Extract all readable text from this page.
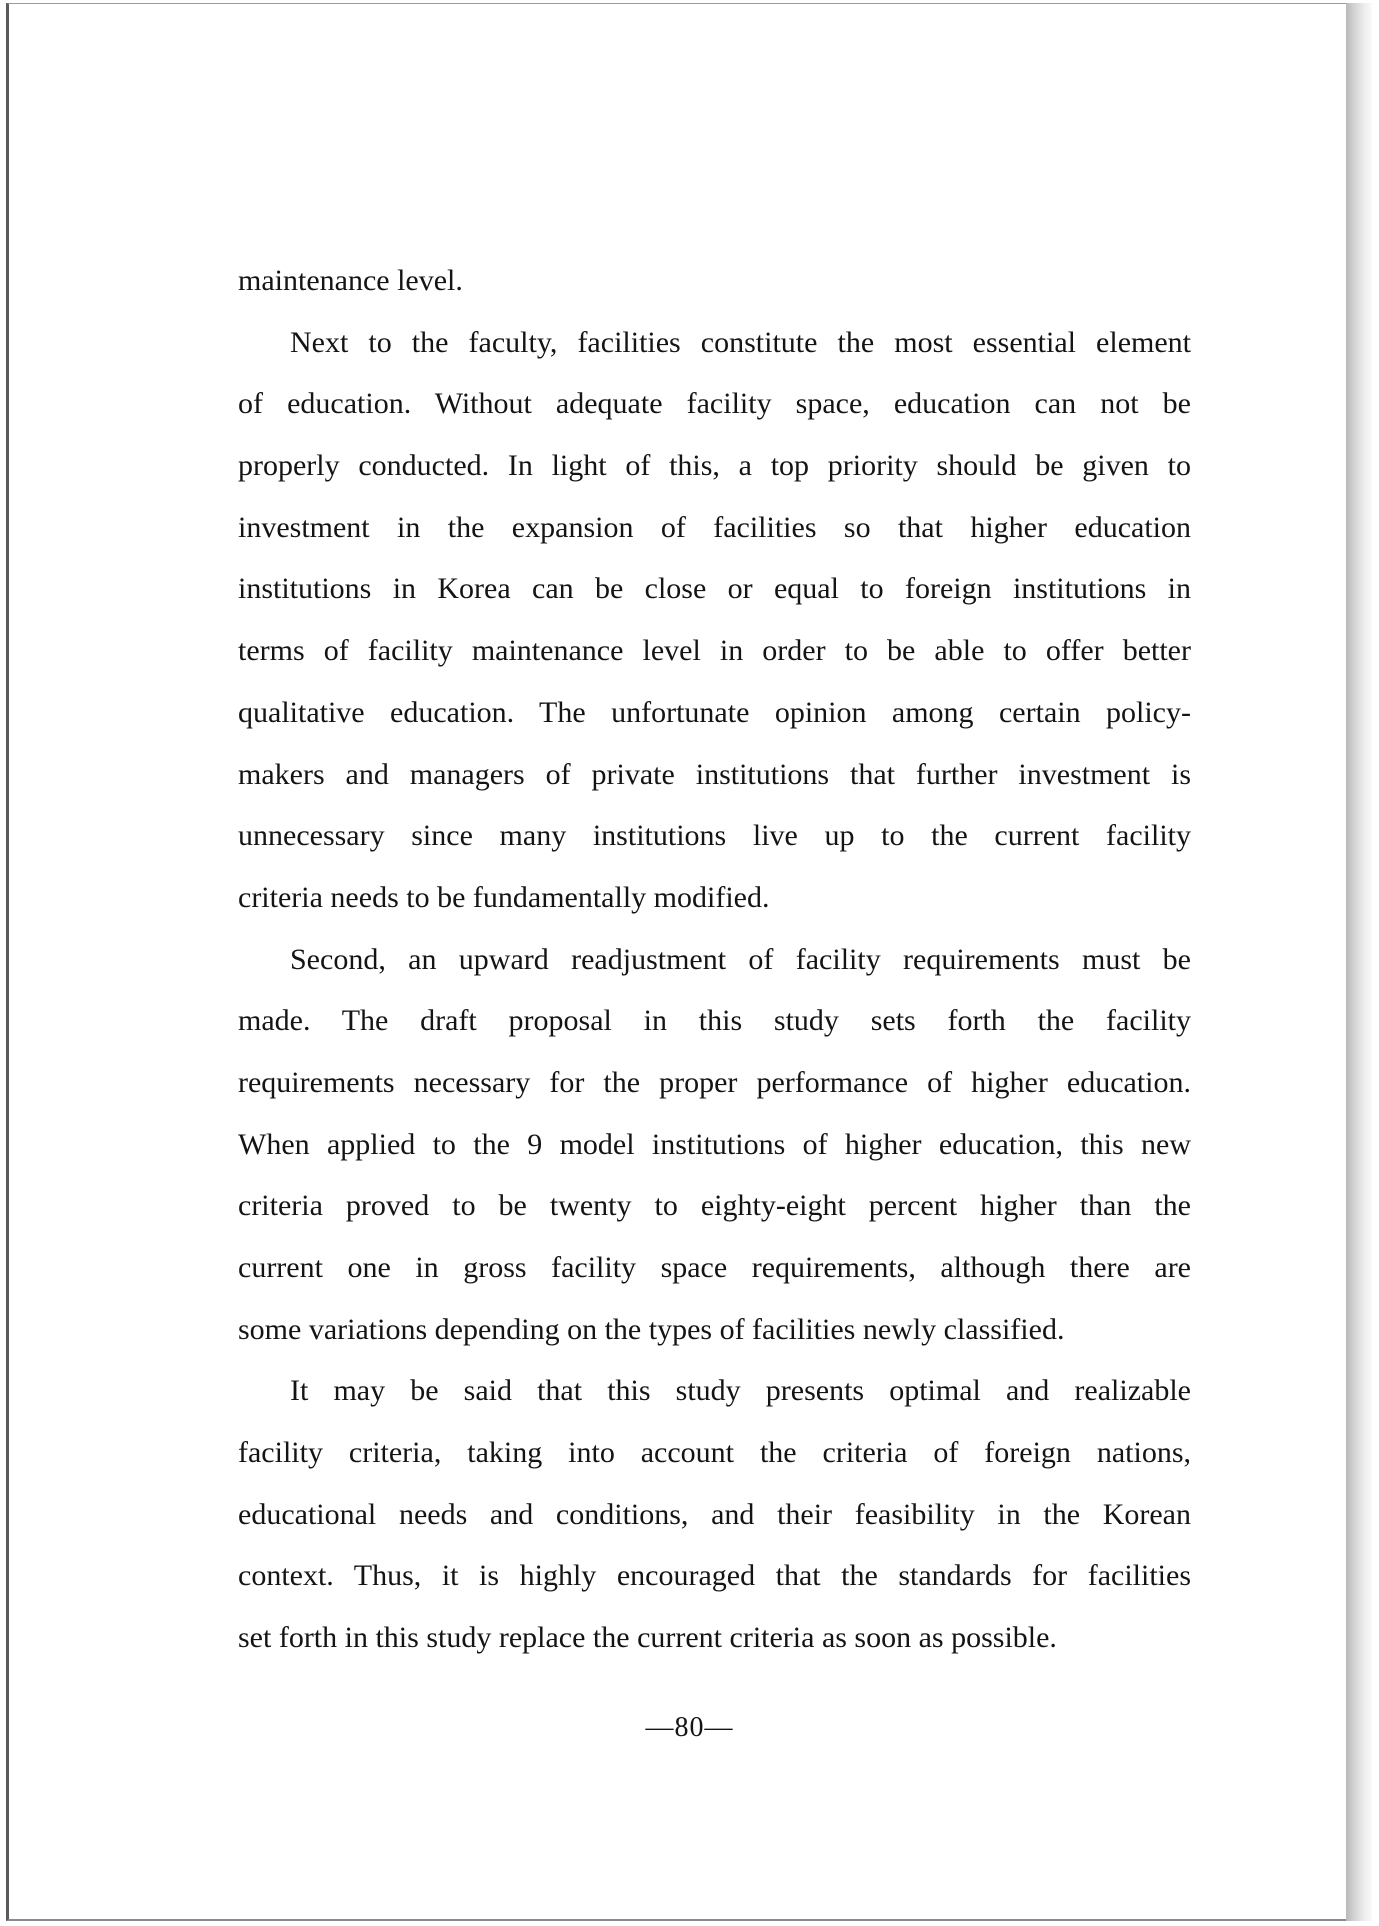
maintenance level.
Next to the faculty, facilities constitute the most essential element
of education. Without adequate facility space, education can not be
properly conducted. In light of this, a top priority should be given to
investment in the expansion of facilities so that higher education
institutions in Korea can be close or equal to foreign institutions in
terms of facility maintenance level in order to be able to offer better
qualitative education. The unfortunate opinion among certain policy-
makers and managers of private institutions that further investment is
unnecessary since many institutions live up to the current facility
criteria needs to be fundamentally modified.
Second, an upward readjustment of facility requirements must be
made. The draft proposal in this study sets forth the facility
requirements necessary for the proper performance of higher education.
When applied to the 9 model institutions of higher education, this new
criteria proved to be twenty to eighty-eight percent higher than the
current one in gross facility space requirements, although there are
some variations depending on the types of facilities newly classified.
It may be said that this study presents optimal and realizable
facility criteria, taking into account the criteria of foreign nations,
educational needs and conditions, and their feasibility in the Korean
context. Thus, it is highly encouraged that the standards for facilities
set forth in this study replace the current criteria as soon as possible.
—80—
